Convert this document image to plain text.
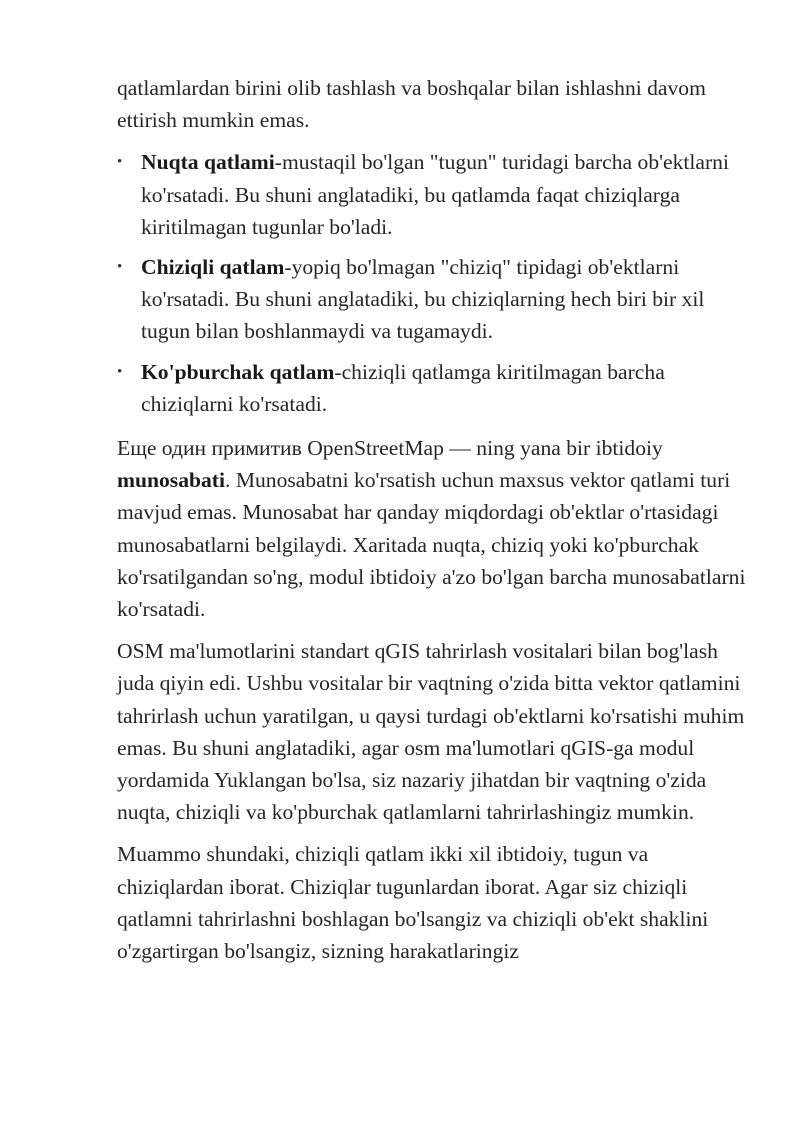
qatlamlardan birini olib tashlash va boshqalar bilan ishlashni davom ettirish mumkin emas.

• Nuqta qatlami-mustaqil bo'lgan "tugun" turidagi barcha ob'ektlarni ko'rsatadi. Bu shuni anglatadiki, bu qatlamda faqat chiziqlarga kiritilmagan tugunlar bo'ladi.
• Chiziqli qatlam-yopiq bo'lmagan "chiziq" tipidagi ob'ektlarni ko'rsatadi. Bu shuni anglatadiki, bu chiziqlarning hech biri bir xil tugun bilan boshlanmaydi va tugamaydi.
• Ko'pburchak qatlam-chiziqli qatlamga kiritilmagan barcha chiziqlarni ko'rsatadi.

Еще один примитив OpenStreetMap — ning yana bir ibtidoiy munosabati. Munosabatni ko'rsatish uchun maxsus vektor qatlami turi mavjud emas. Munosabat har qanday miqdordagi ob'ektlar o'rtasidagi munosabatlarni belgilaydi. Xaritada nuqta, chiziq yoki ko'pburchak ko'rsatilgandan so'ng, modul ibtidoiy a'zo bo'lgan barcha munosabatlarni ko'rsatadi.

OSM ma'lumotlarini standart qGIS tahrirlash vositalari bilan bog'lash juda qiyin edi. Ushbu vositalar bir vaqtning o'zida bitta vektor qatlamini tahrirlash uchun yaratilgan, u qaysi turdagi ob'ektlarni ko'rsatishi muhim emas. Bu shuni anglatadiki, agar osm ma'lumotlari qGIS-ga modul yordamida Yuklangan bo'lsa, siz nazariy jihatdan bir vaqtning o'zida nuqta, chiziqli va ko'pburchak qatlamlarni tahrirlashingiz mumkin.

Muammo shundaki, chiziqli qatlam ikki xil ibtidoiy, tugun va chiziqlardan iborat. Chiziqlar tugunlardan iborat. Agar siz chiziqli qatlamni tahrirlashni boshlagan bo'lsangiz va chiziqli ob'ekt shaklini o'zgartirgan bo'lsangiz, sizning harakatlaringiz
